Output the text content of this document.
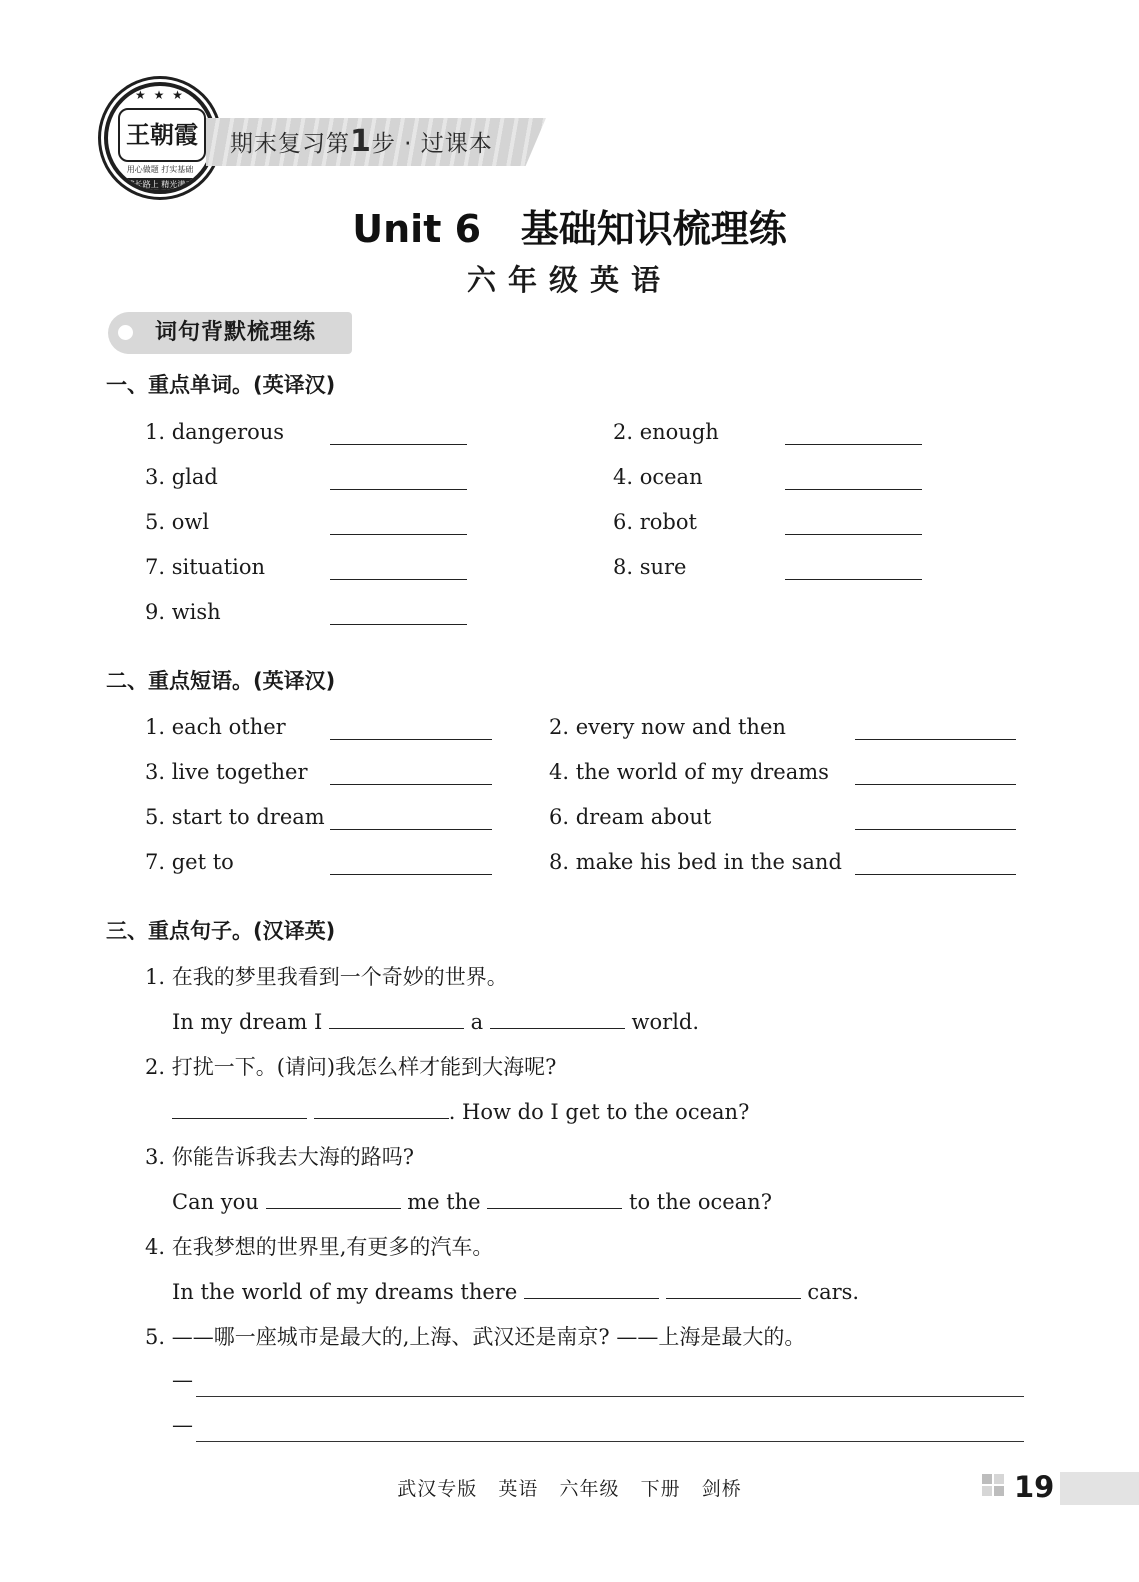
★ ★ ★ ★ ★
王朝霞
用心做题 打实基础
成长路上 精光满天
期末复习第1步 · 过课本
Unit 6   基础知识梳理练
六年级英语
词句背默梳理练
一、重点单词。(英译汉)
1. dangerous	2. enough
3. glad	4. ocean
5. owl	6. robot
7. situation	8. sure
9. wish
二、重点短语。(英译汉)
1. each other	2. every now and then
3. live together	4. the world of my dreams
5. start to dream	6. dream about
7. get to	8. make his bed in the sand
三、重点句子。(汉译英)
1. 在我的梦里我看到一个奇妙的世界。
In my dream I	a	world.
2. 打扰一下。(请问)我怎么样才能到大海呢?
. How do I get to the ocean?
3. 你能告诉我去大海的路吗?
Can you	me the	to the ocean?
4. 在我梦想的世界里,有更多的汽车。
In the world of my dreams there	cars.
5. ——哪一座城市是最大的,上海、武汉还是南京? ——上海是最大的。
—
—
武汉专版   英语   六年级   下册   剑桥	19
